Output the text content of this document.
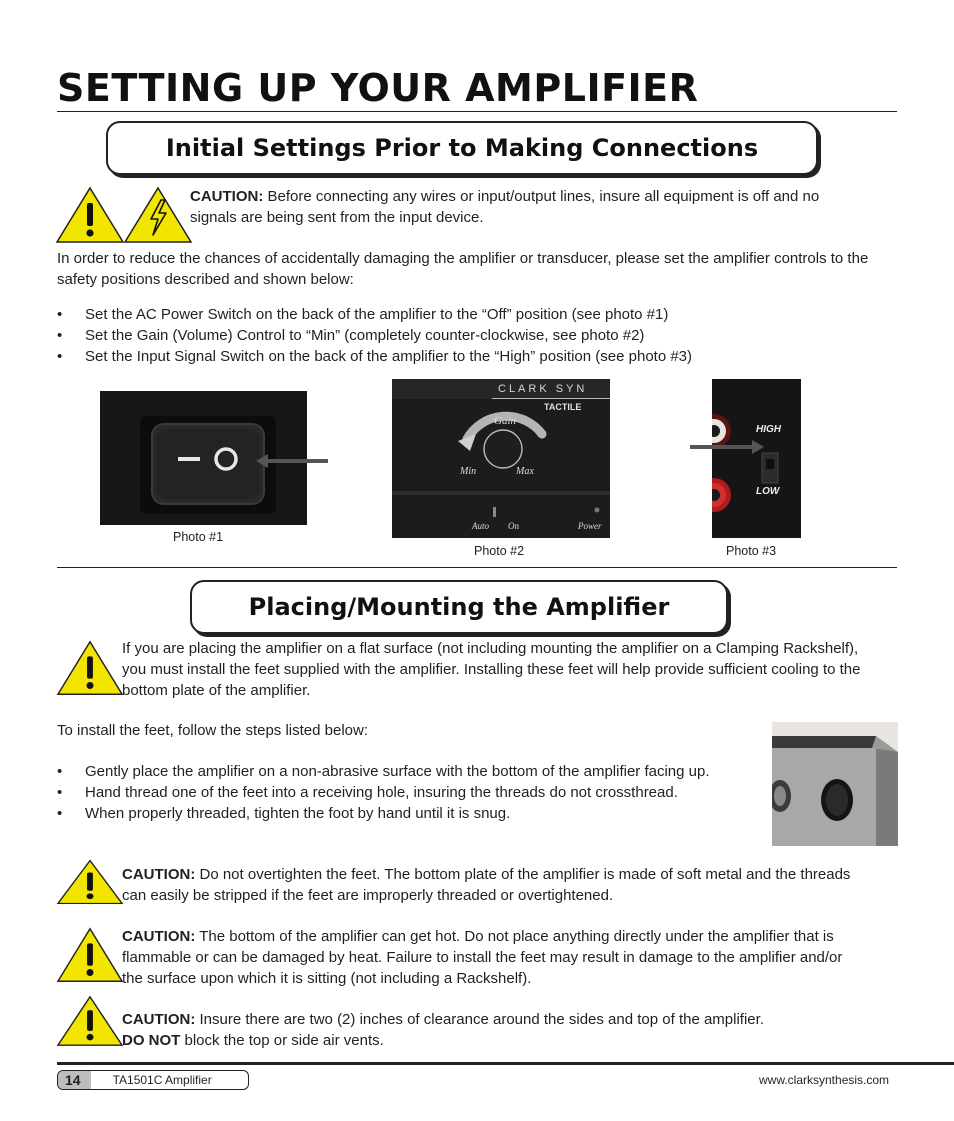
SETTING UP YOUR AMPLIFIER
Initial Settings Prior to Making Connections
CAUTION: Before connecting any wires or input/output lines, insure all equipment is off and no signals are being sent from the input device.
In order to reduce the chances of accidentally damaging the amplifier or transducer, please set the amplifier controls to the safety positions described and shown below:
• Set the AC Power Switch on the back of the amplifier to the “Off” position (see photo #1)
• Set the Gain (Volume) Control to “Min” (completely counter-clockwise, see photo #2)
• Set the Input Signal Switch on the back of the amplifier to the “High” position (see photo #3)
Photo #1
CLARK SYN
TACTILE
Gain
Min	Max
Auto On	Power
Photo #2
HIGH
LOW
Photo #3
Placing/Mounting the Amplifier
If you are placing the amplifier on a flat surface (not including mounting the amplifier on a Clamping Rackshelf), you must install the feet supplied with the amplifier. Installing these feet will help provide sufficient cooling to the bottom plate of the amplifier.
To install the feet, follow the steps listed below:
• Gently place the amplifier on a non-abrasive surface with the bottom of the amplifier facing up.
• Hand thread one of the feet into a receiving hole, insuring the threads do not crossthread.
• When properly threaded, tighten the foot by hand until it is snug.
CAUTION: Do not overtighten the feet. The bottom plate of the amplifier is made of soft metal and the threads can easily be stripped if the feet are improperly threaded or overtightened.
CAUTION: The bottom of the amplifier can get hot. Do not place anything directly under the amplifier that is flammable or can be damaged by heat. Failure to install the feet may result in damage to the amplifier and/or the surface upon which it is sitting (not including a Rackshelf).
CAUTION: Insure there are two (2) inches of clearance around the sides and top of the amplifier.
DO NOT block the top or side air vents.
14	TA1501C Amplifier	www.clarksynthesis.com
